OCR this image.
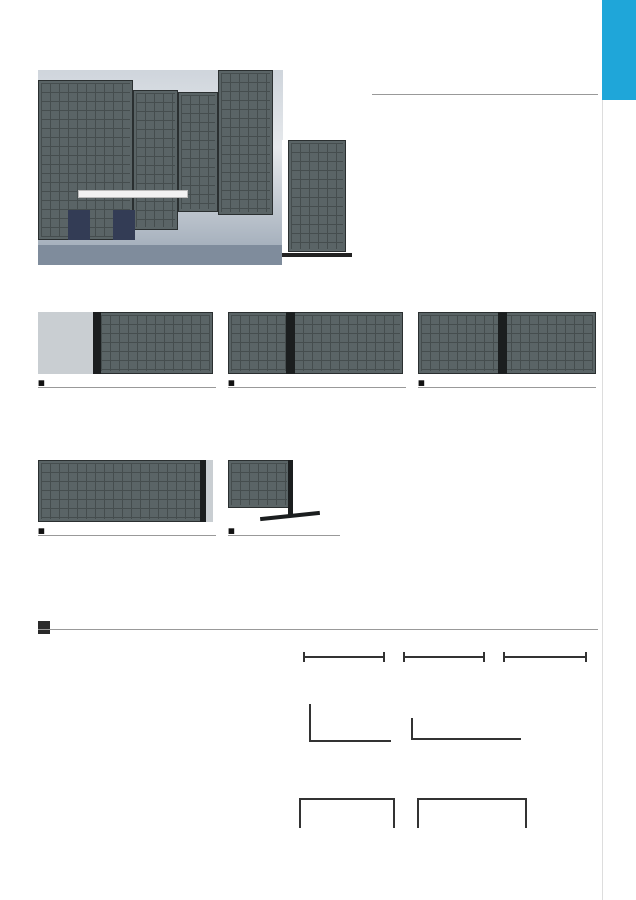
■

■

■

■

■
